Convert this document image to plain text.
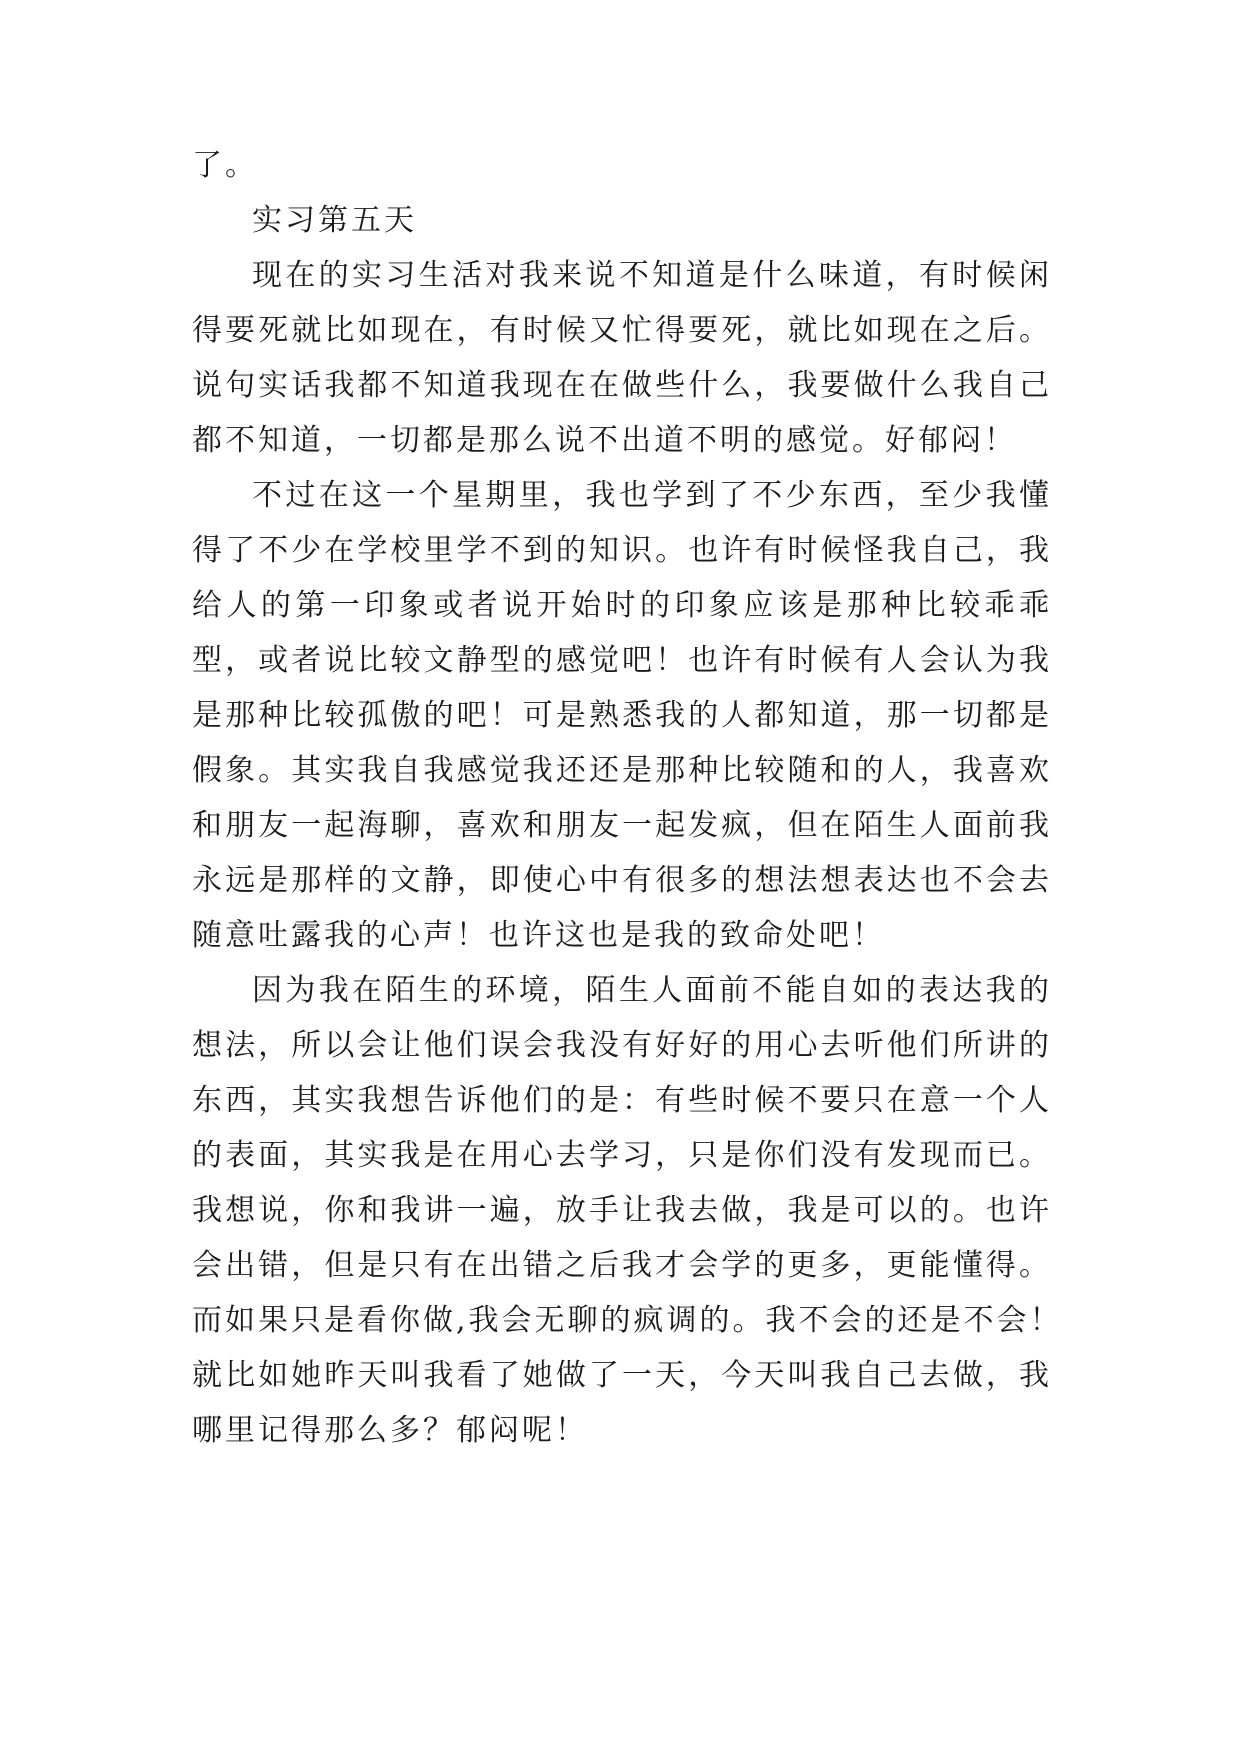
了。
实习第五天
现在的实习生活对我来说不知道是什么味道，有时候闲
得要死就比如现在，有时候又忙得要死，就比如现在之后。
说句实话我都不知道我现在在做些什么，我要做什么我自己
都不知道，一切都是那么说不出道不明的感觉。好郁闷！
不过在这一个星期里，我也学到了不少东西，至少我懂
得了不少在学校里学不到的知识。也许有时候怪我自己，我
给人的第一印象或者说开始时的印象应该是那种比较乖乖
型，或者说比较文静型的感觉吧！也许有时候有人会认为我
是那种比较孤傲的吧！可是熟悉我的人都知道，那一切都是
假象。其实我自我感觉我还还是那种比较随和的人，我喜欢
和朋友一起海聊，喜欢和朋友一起发疯，但在陌生人面前我
永远是那样的文静，即使心中有很多的想法想表达也不会去
随意吐露我的心声！也许这也是我的致命处吧！
因为我在陌生的环境，陌生人面前不能自如的表达我的
想法，所以会让他们误会我没有好好的用心去听他们所讲的
东西，其实我想告诉他们的是：有些时候不要只在意一个人
的表面，其实我是在用心去学习，只是你们没有发现而已。
我想说，你和我讲一遍，放手让我去做，我是可以的。也许
会出错，但是只有在出错之后我才会学的更多，更能懂得。
而如果只是看你做,我会无聊的疯调的。我不会的还是不会！
就比如她昨天叫我看了她做了一天，今天叫我自己去做，我
哪里记得那么多？郁闷呢！
